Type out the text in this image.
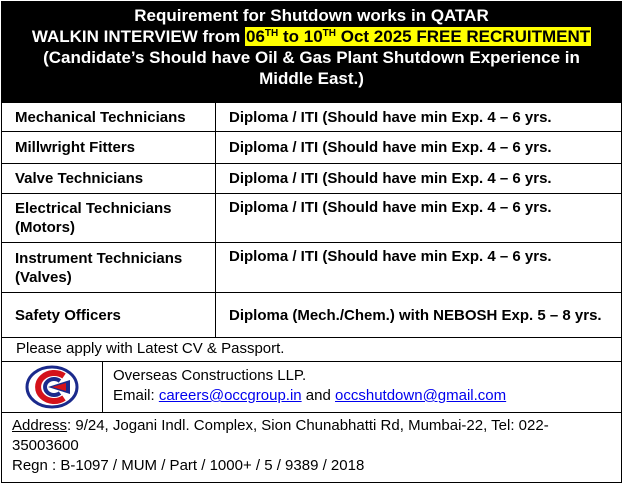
Requirement for Shutdown works in QATAR
WALKIN INTERVIEW from 06TH to 10TH Oct 2025 FREE RECRUITMENT
(Candidate’s Should have Oil & Gas Plant Shutdown Experience in
Middle East.)
Mechanical Technicians	Diploma / ITI (Should have min Exp. 4 – 6 yrs.
Millwright Fitters	Diploma / ITI (Should have min Exp. 4 – 6 yrs.
Valve Technicians	Diploma / ITI (Should have min Exp. 4 – 6 yrs.
Electrical Technicians (Motors)	Diploma / ITI (Should have min Exp. 4 – 6 yrs.
Instrument Technicians (Valves)	Diploma / ITI (Should have min Exp. 4 – 6 yrs.
Safety Officers	Diploma (Mech./Chem.) with NEBOSH Exp. 5 – 8 yrs.
Please apply with Latest CV & Passport.
Overseas Constructions LLP.
Email: careers@occgroup.in and occshutdown@gmail.com
Address: 9/24, Jogani Indl. Complex, Sion Chunabhatti Rd, Mumbai-22, Tel: 022-35003600
Regn : B-1097 / MUM / Part / 1000+ / 5 / 9389 / 2018
